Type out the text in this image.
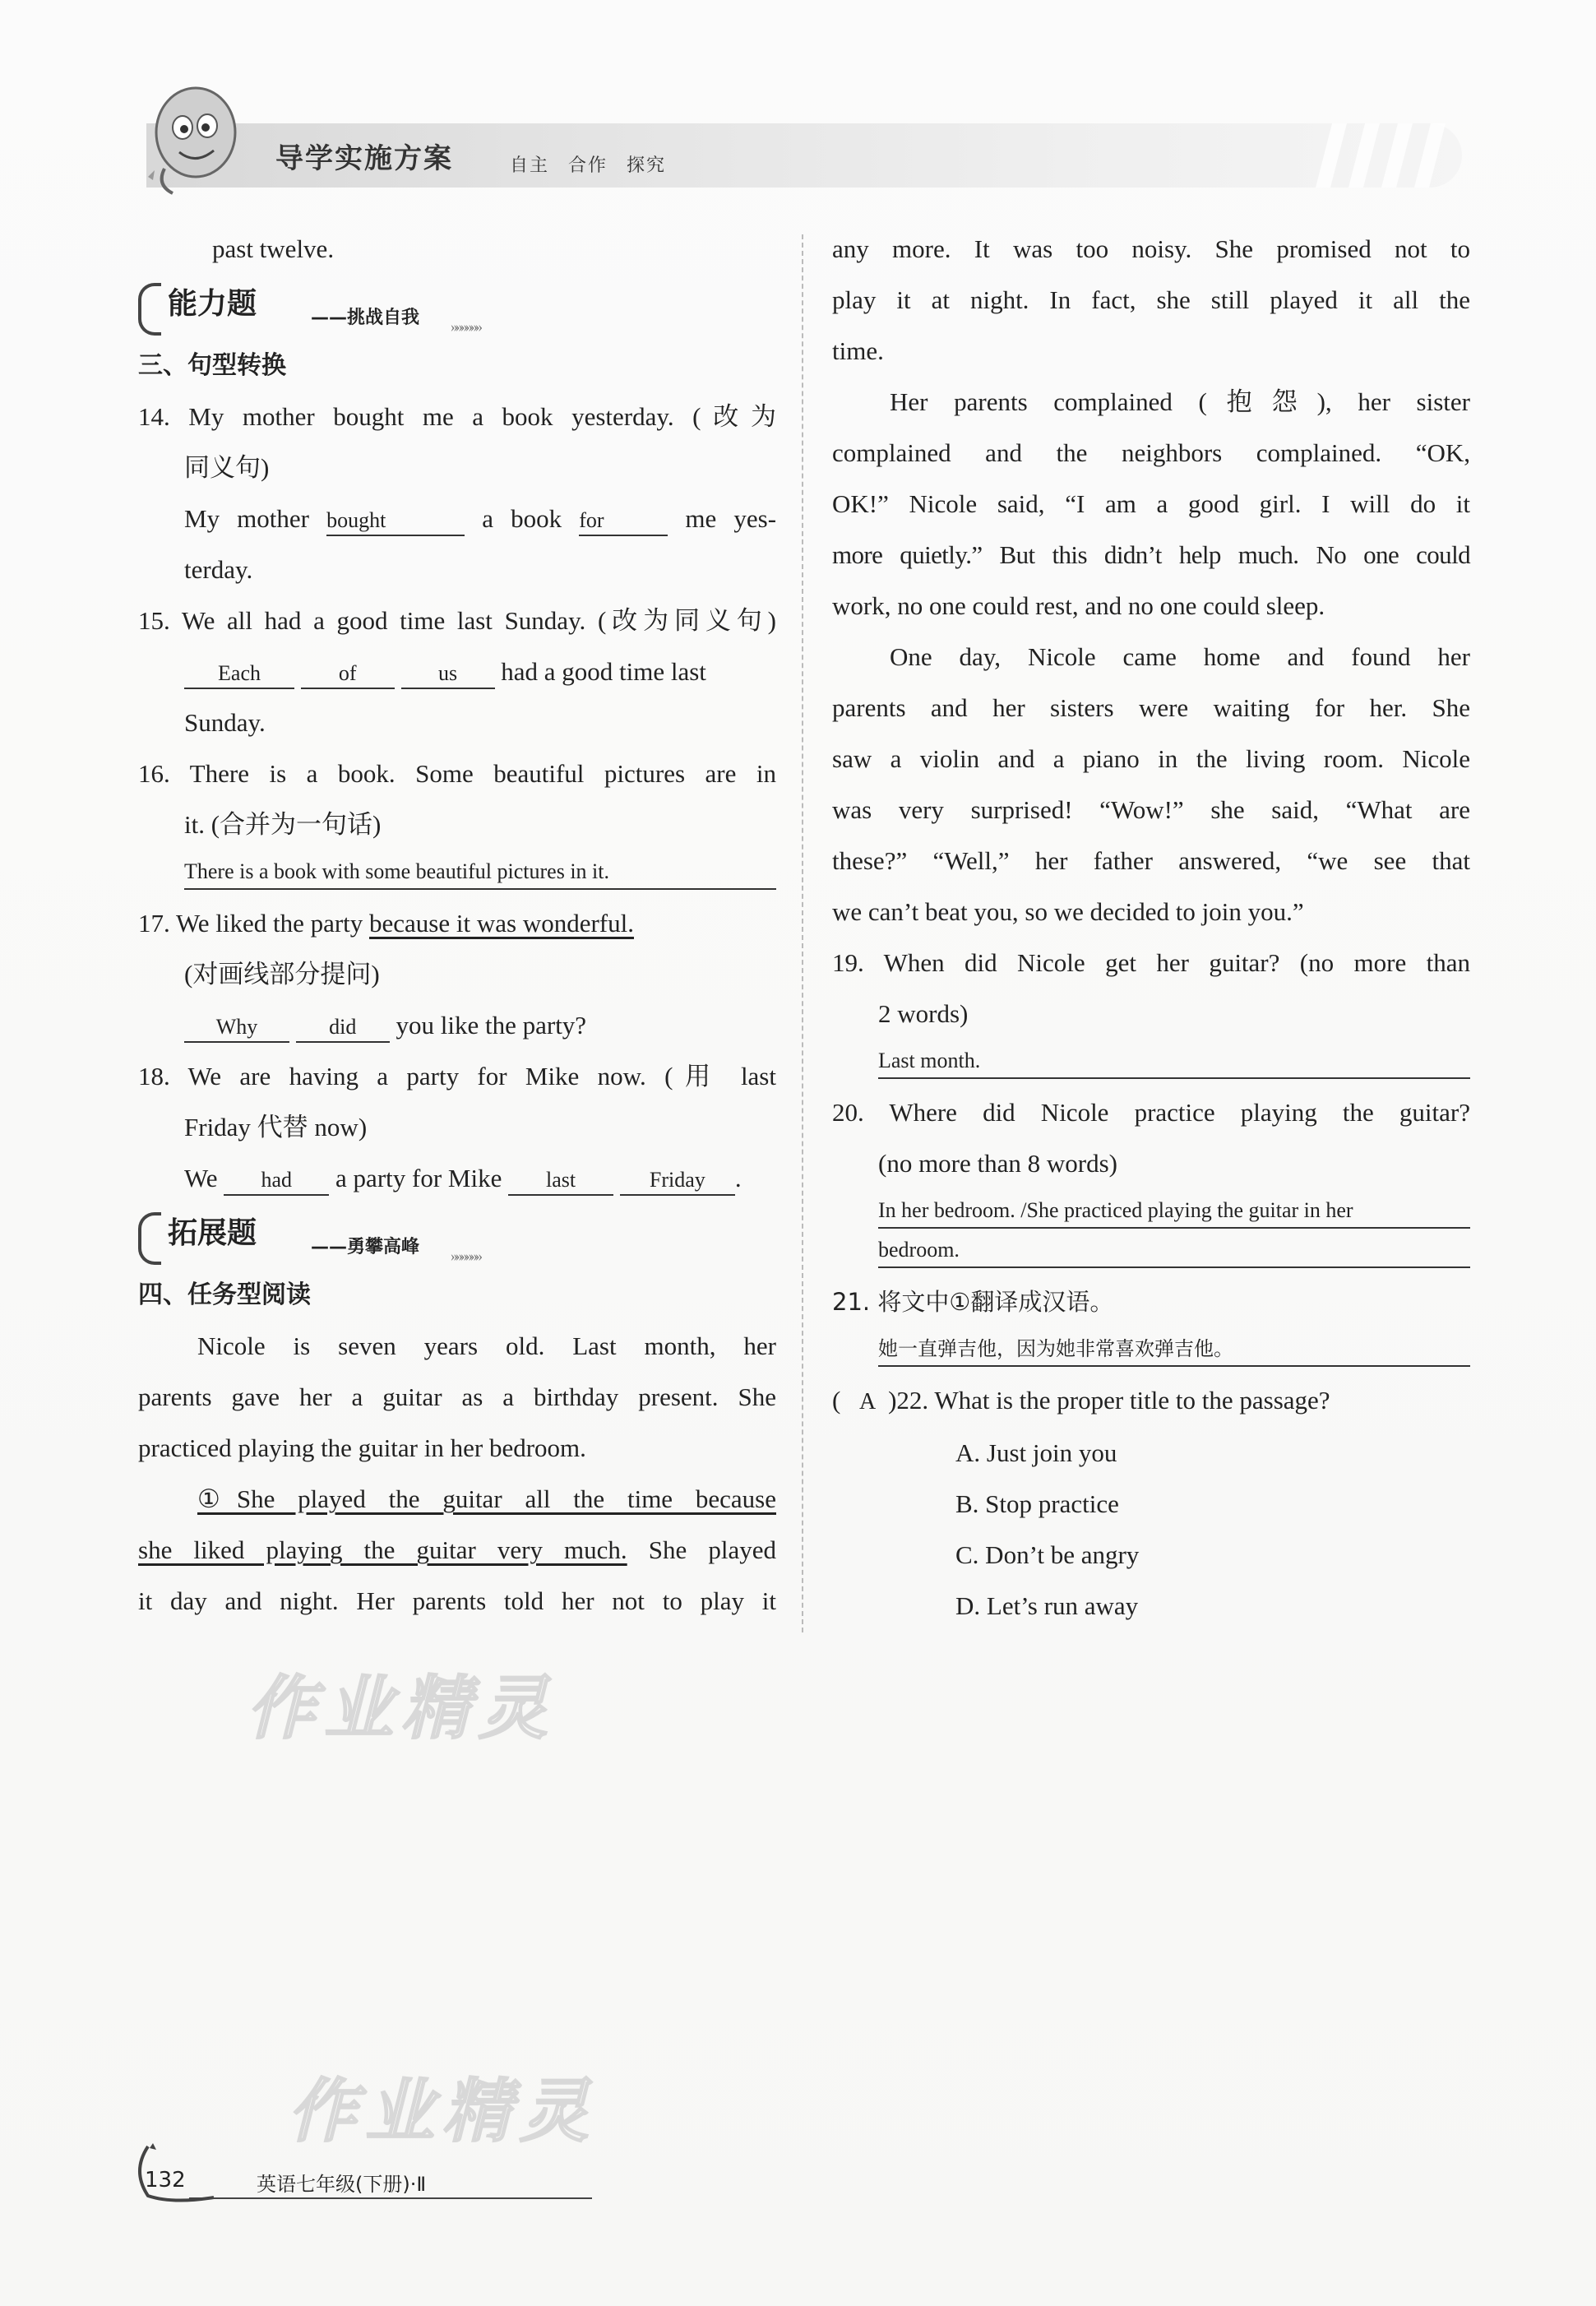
导学实施方案	自主 合作 探究
past twelve.
能力题	——挑战自我 »»»»»»
三、句型转换
14. My mother bought me a book yesterday. (改为
同义句)
My mother bought	a book for	me yes-
terday.
15. We all had a good time last Sunday. (改为同义句)
Each	of	us had a good time last
Sunday.
16. There is a book. Some beautiful pictures are in
it. (合并为一句话)
There is a book with some beautiful pictures in it.
17. We liked the party because it was wonderful.
(对画线部分提问)
Why	did you like the party?
18. We are having a party for Mike now. (用 last
Friday 代替 now)
We had a party for Mike last	Friday .
拓展题	——勇攀高峰 »»»»»»
四、任务型阅读
Nicole is seven years old. Last month, her
parents gave her a guitar as a birthday present. She
practiced playing the guitar in her bedroom.
①She played the guitar all the time because
she liked playing the guitar very much. She played
it day and night. Her parents told her not to play it
any more. It was too noisy. She promised not to
play it at night. In fact, she still played it all the
time.
Her parents complained (抱怨), her sister
complained and the neighbors complained. “OK,
OK!” Nicole said, “I am a good girl. I will do it
more quietly.” But this didn’t help much. No one could
work, no one could rest, and no one could sleep.
One day, Nicole came home and found her
parents and her sisters were waiting for her. She
saw a violin and a piano in the living room. Nicole
was very surprised! “Wow!” she said, “What are
these?” “Well,” her father answered, “we see that
we can’t beat you, so we decided to join you.”
19. When did Nicole get her guitar? (no more than
2 words)
Last month.
20. Where did Nicole practice playing the guitar?
(no more than 8 words)
In her bedroom. /She practiced playing the guitar in her
bedroom.
21. 将文中①翻译成汉语。
她一直弹吉他，因为她非常喜欢弹吉他。
( A )22. What is the proper title to the passage?
A. Just join you
B. Stop practice
C. Don’t be angry
D. Let’s run away
作业精灵
作业精灵
132	英语七年级(下册)·Ⅱ
